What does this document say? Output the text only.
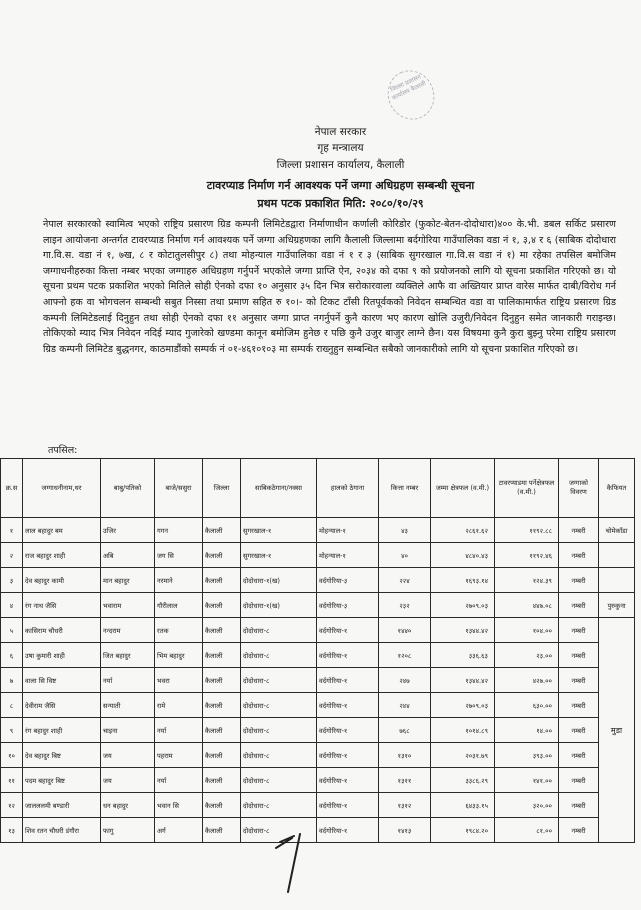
जिल्ला प्रशासन कार्यालय कैलाली
नेपाल सरकार
गृह मन्त्रालय
जिल्ला प्रशासन कार्यालय, कैलाली
टावरप्याड निर्माण गर्न आवश्यक पर्ने जग्गा अधिग्रहण सम्बन्धी सूचना
प्रथम पटक प्रकाशित मिति: २०८०/१०/२९
नेपाल सरकारको स्वामित्व भएको राष्ट्रिय प्रसारण ग्रिड कम्पनी लिमिटेडद्वारा निर्माणाधीन कर्णाली कोरिडोर (फुकोट-बेतन-दोदोधारा)४०० के.भी. डबल सर्किट प्रसारण लाइन आयोजना अन्तर्गत टावरप्याड निर्माण गर्न आवश्यक पर्ने जग्गा अधिग्रहणका लागि कैलाली जिल्लामा बर्दगोरिया गाउँपालिका वडा नं १, ३,४ र ६ (साबिक दोदोधारा गा.वि.स. वडा नं १, ७ख, ८ र कोटातुलसीपुर ८) तथा मोहन्याल गाउँपालिका वडा नं १ र ३ (साबिक सुगरखाल गा.वि.स वडा नं १) मा रहेका तपसिल बमोजिम जग्गाधनीहरुका कित्ता नम्बर भएका जग्गाहरु अधिग्रहण गर्नुपर्ने भएकोले जग्गा प्राप्ति ऐन, २०३४ को दफा ९ को प्रयोजनको लागि यो सूचना प्रकाशित गरिएको छ। यो सूचना प्रथम पटक प्रकाशित भएको मितिले सोही ऐनको दफा १० अनुसार ३५ दिन भित्र सरोकारवाला व्यक्तिले आफै वा अख्तियार प्राप्त वारेस मार्फत दाबी/विरोध गर्न आफ्नो हक वा भोगचलन सम्बन्धी सबुत निस्सा तथा प्रमाण सहित रु १०।- को टिकट टाँसी रितपूर्वकको निवेदन सम्बन्धित वडा वा पालिकामार्फत राष्ट्रिय प्रसारण ग्रिड कम्पनी लिमिटेडलाई दिनुहुन तथा सोही ऐनको दफा ११ अनुसार जग्गा प्राप्त नगर्नुपर्ने कुनै कारण भए कारण खोलि उजुरी/निवेदन दिनुहुन समेत जानकारी गराइन्छ। तोकिएको म्याद भित्र निवेदन नदिई म्याद गुजारेको खण्डमा कानून बमोजिम हुनेछ र पछि कुनै उजुर बाजुर लाग्ने छैन। यस विषयमा कुनै कुरा बुझ्नु परेमा राष्ट्रिय प्रसारण ग्रिड कम्पनी लिमिटेड बुद्धनगर, काठमाडौंको सम्पर्क नं ०१-४६१०१०३ मा सम्पर्क राख्नुहुन सम्बन्धित सबैको जानकारीको लागि यो सूचना प्रकाशित गरिएको छ।
तपसिल:
क्र.स	जग्गाधनीनाम,थर	बाबु/पतिको	बाजे/ससुरा	जिल्ला	साबिकठेगाना/नक्सा	हालको ठेगाना	कित्ता नम्बर	जम्मा क्षेत्रफल (व.मी.)	टावरप्याडमा पर्नेक्षेत्रफल (व.मी.)	जग्गाको विवरण	कैफियत
१	लाल बहादुर बम	उजिर	गगन	कैलाली	सुगरखाल-१	मोहन्याल-१	४३	२८६१.६२	११९२.८८	नम्बरी	चोमेकाँडा
२	राज बहादुर शाही	अबि	जग सि	कैलाली	सुगरखाल-१	मोहन्याल-१	४०	४८४०.४३	११९२.४६	नम्बरी	
३	देव बहादुर कामी	मान बहादुर	नरमाने	कैलाली	दोदोधारा-१(ख)	वर्दगोरिया-३	२२४	१६९३.१४	१२४.३९	नम्बरी	
४	रंग नाथ जैसि	भवाराम	गौरीलाल	कैलाली	दोदोधारा-१(ख)	वर्दगोरिया-३	२३२	२७०९.०३	४४७.०८	नम्बरी	पुरुकुना
५	कासिराम चौधरी	नन्दराम	रतक	कैलाली	दोदोधारा-८	वर्दगोरिया-१	१४४०	१३४४.४२	१०४.००	नम्बरी	मुडा
६	उषा कुमारी शाही	जित बहादुर	भिम बहादुर	कैलाली	दोदोधारा-८	वर्दगोरिया-१	१२०८	३३६.६३	२३.००	नम्बरी	
७	वाला सि विष्ट	नर्या	भवरा	कैलाली	दोदोधारा-८	वर्दगोरिया-१	२४७	१३४४.४२	४२७.००	नम्बरी	
८	देवीराम जैसि	सन्याती	रामे	कैलाली	दोदोधारा-८	वर्दगोरिया-१	२४४	२७०९.०३	६३०.००	नम्बरी	
९	रंग बहादुर शाही	चाइना	नर्या	कैलाली	दोदोधारा-८	वर्दगोरिया-१	७६८	१०१४.८९	१४.००	नम्बरी	
१०	देव बहादुर बिष्ट	जय	पहराम	कैलाली	दोदोधारा-८	वर्दगोरिया-१	१३१०	२०३१.७९	३९३.००	नम्बरी	
११	पदम बहादुर बिष्ट	जय	नर्या	कैलाली	दोदोधारा-८	वर्दगोरिया-१	१३११	३३८६.२९	१४१.००	नम्बरी	
१२	जालललमी बण्डारी	धन बहादुर	भवान सि	कैलाली	दोदोधारा-८	वर्दगोरिया-१	१३१२	६४३३.१५	३२०.००	नम्बरी	
१३	शिव रतन चौधरी डंगौरा	फागु	अर्ग	कैलाली	दोदोधारा-८	वर्दगोरिया-१	१४१३	१९८४.२०	८१.००	नम्बरी	
